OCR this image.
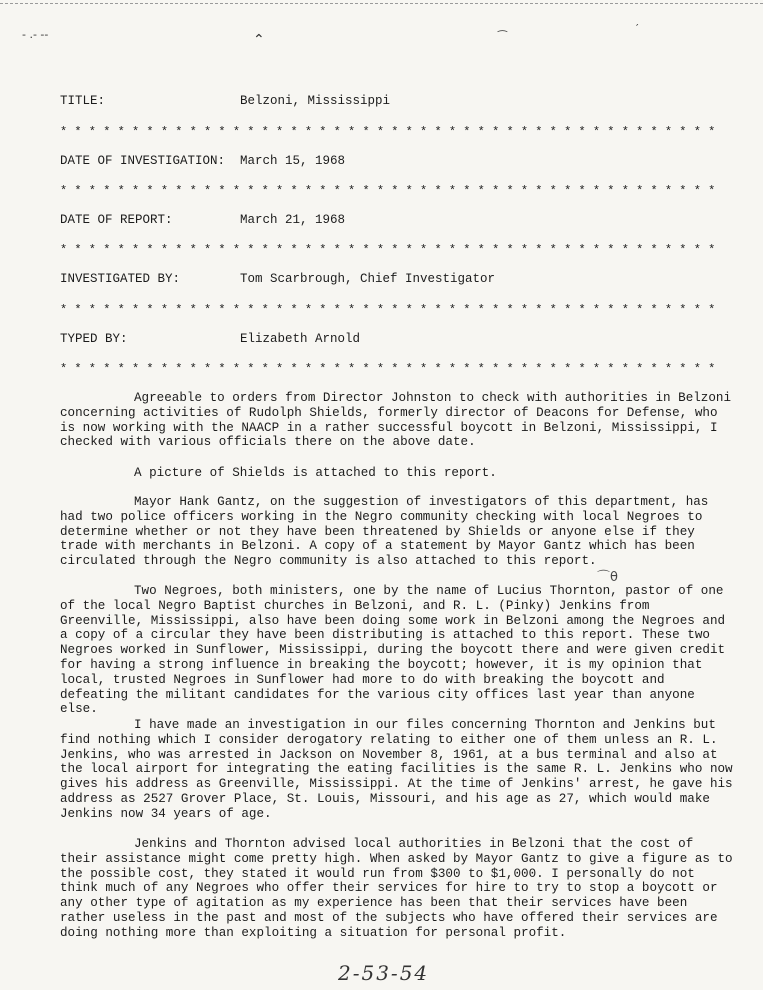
- .- --	⌃	⁀
′
TITLE:	Belzoni, Mississippi
* * * * * * * * * * * * * * * * * * * * * * * * * * * * * * * * * * * * * * * * * * * * * *
DATE OF INVESTIGATION: March 15, 1968
* * * * * * * * * * * * * * * * * * * * * * * * * * * * * * * * * * * * * * * * * * * * * *
DATE OF REPORT:	March 21, 1968
* * * * * * * * * * * * * * * * * * * * * * * * * * * * * * * * * * * * * * * * * * * * * *
INVESTIGATED BY:	Tom Scarbrough, Chief Investigator
* * * * * * * * * * * * * * * * * * * * * * * * * * * * * * * * * * * * * * * * * * * * * *
TYPED BY:	Elizabeth Arnold
* * * * * * * * * * * * * * * * * * * * * * * * * * * * * * * * * * * * * * * * * * * * * *

Agreeable to orders from Director Johnston to check with authorities in Belzoni concerning activities of Rudolph Shields, formerly director of Deacons for Defense, who is now working with the NAACP in a rather successful boycott in Belzoni, Mississippi, I checked with various officials there on the above date.

A picture of Shields is attached to this report.

Mayor Hank Gantz, on the suggestion of investigators of this department, has had two police officers working in the Negro community checking with local Negroes to determine whether or not they have been threatened by Shields or anyone else if they trade with merchants in Belzoni. A copy of a statement by Mayor Gantz which has been circulated through the Negro community is also attached to this report.

⌒θ

Two Negroes, both ministers, one by the name of Lucius Thornton, pastor of one of the local Negro Baptist churches in Belzoni, and R. L. (Pinky) Jenkins from Greenville, Mississippi, also have been doing some work in Belzoni among the Negroes and a copy of a circular they have been distributing is attached to this report. These two Negroes worked in Sunflower, Mississippi, during the boycott there and were given credit for having a strong influence in breaking the boycott; however, it is my opinion that local, trusted Negroes in Sunflower had more to do with breaking the boycott and defeating the militant candidates for the various city offices last year than anyone else.

I have made an investigation in our files concerning Thornton and Jenkins but find nothing which I consider derogatory relating to either one of them unless an R. L. Jenkins, who was arrested in Jackson on November 8, 1961, at a bus terminal and also at the local airport for integrating the eating facilities is the same R. L. Jenkins who now gives his address as Greenville, Mississippi. At the time of Jenkins' arrest, he gave his address as 2527 Grover Place, St. Louis, Missouri, and his age as 27, which would make Jenkins now 34 years of age.

Jenkins and Thornton advised local authorities in Belzoni that the cost of their assistance might come pretty high. When asked by Mayor Gantz to give a figure as to the possible cost, they stated it would run from $300 to $1,000. I personally do not think much of any Negroes who offer their services for hire to try to stop a boycott or any other type of agitation as my experience has been that their services have been rather useless in the past and most of the subjects who have offered their services are doing nothing more than exploiting a situation for personal profit.

2-53-54
